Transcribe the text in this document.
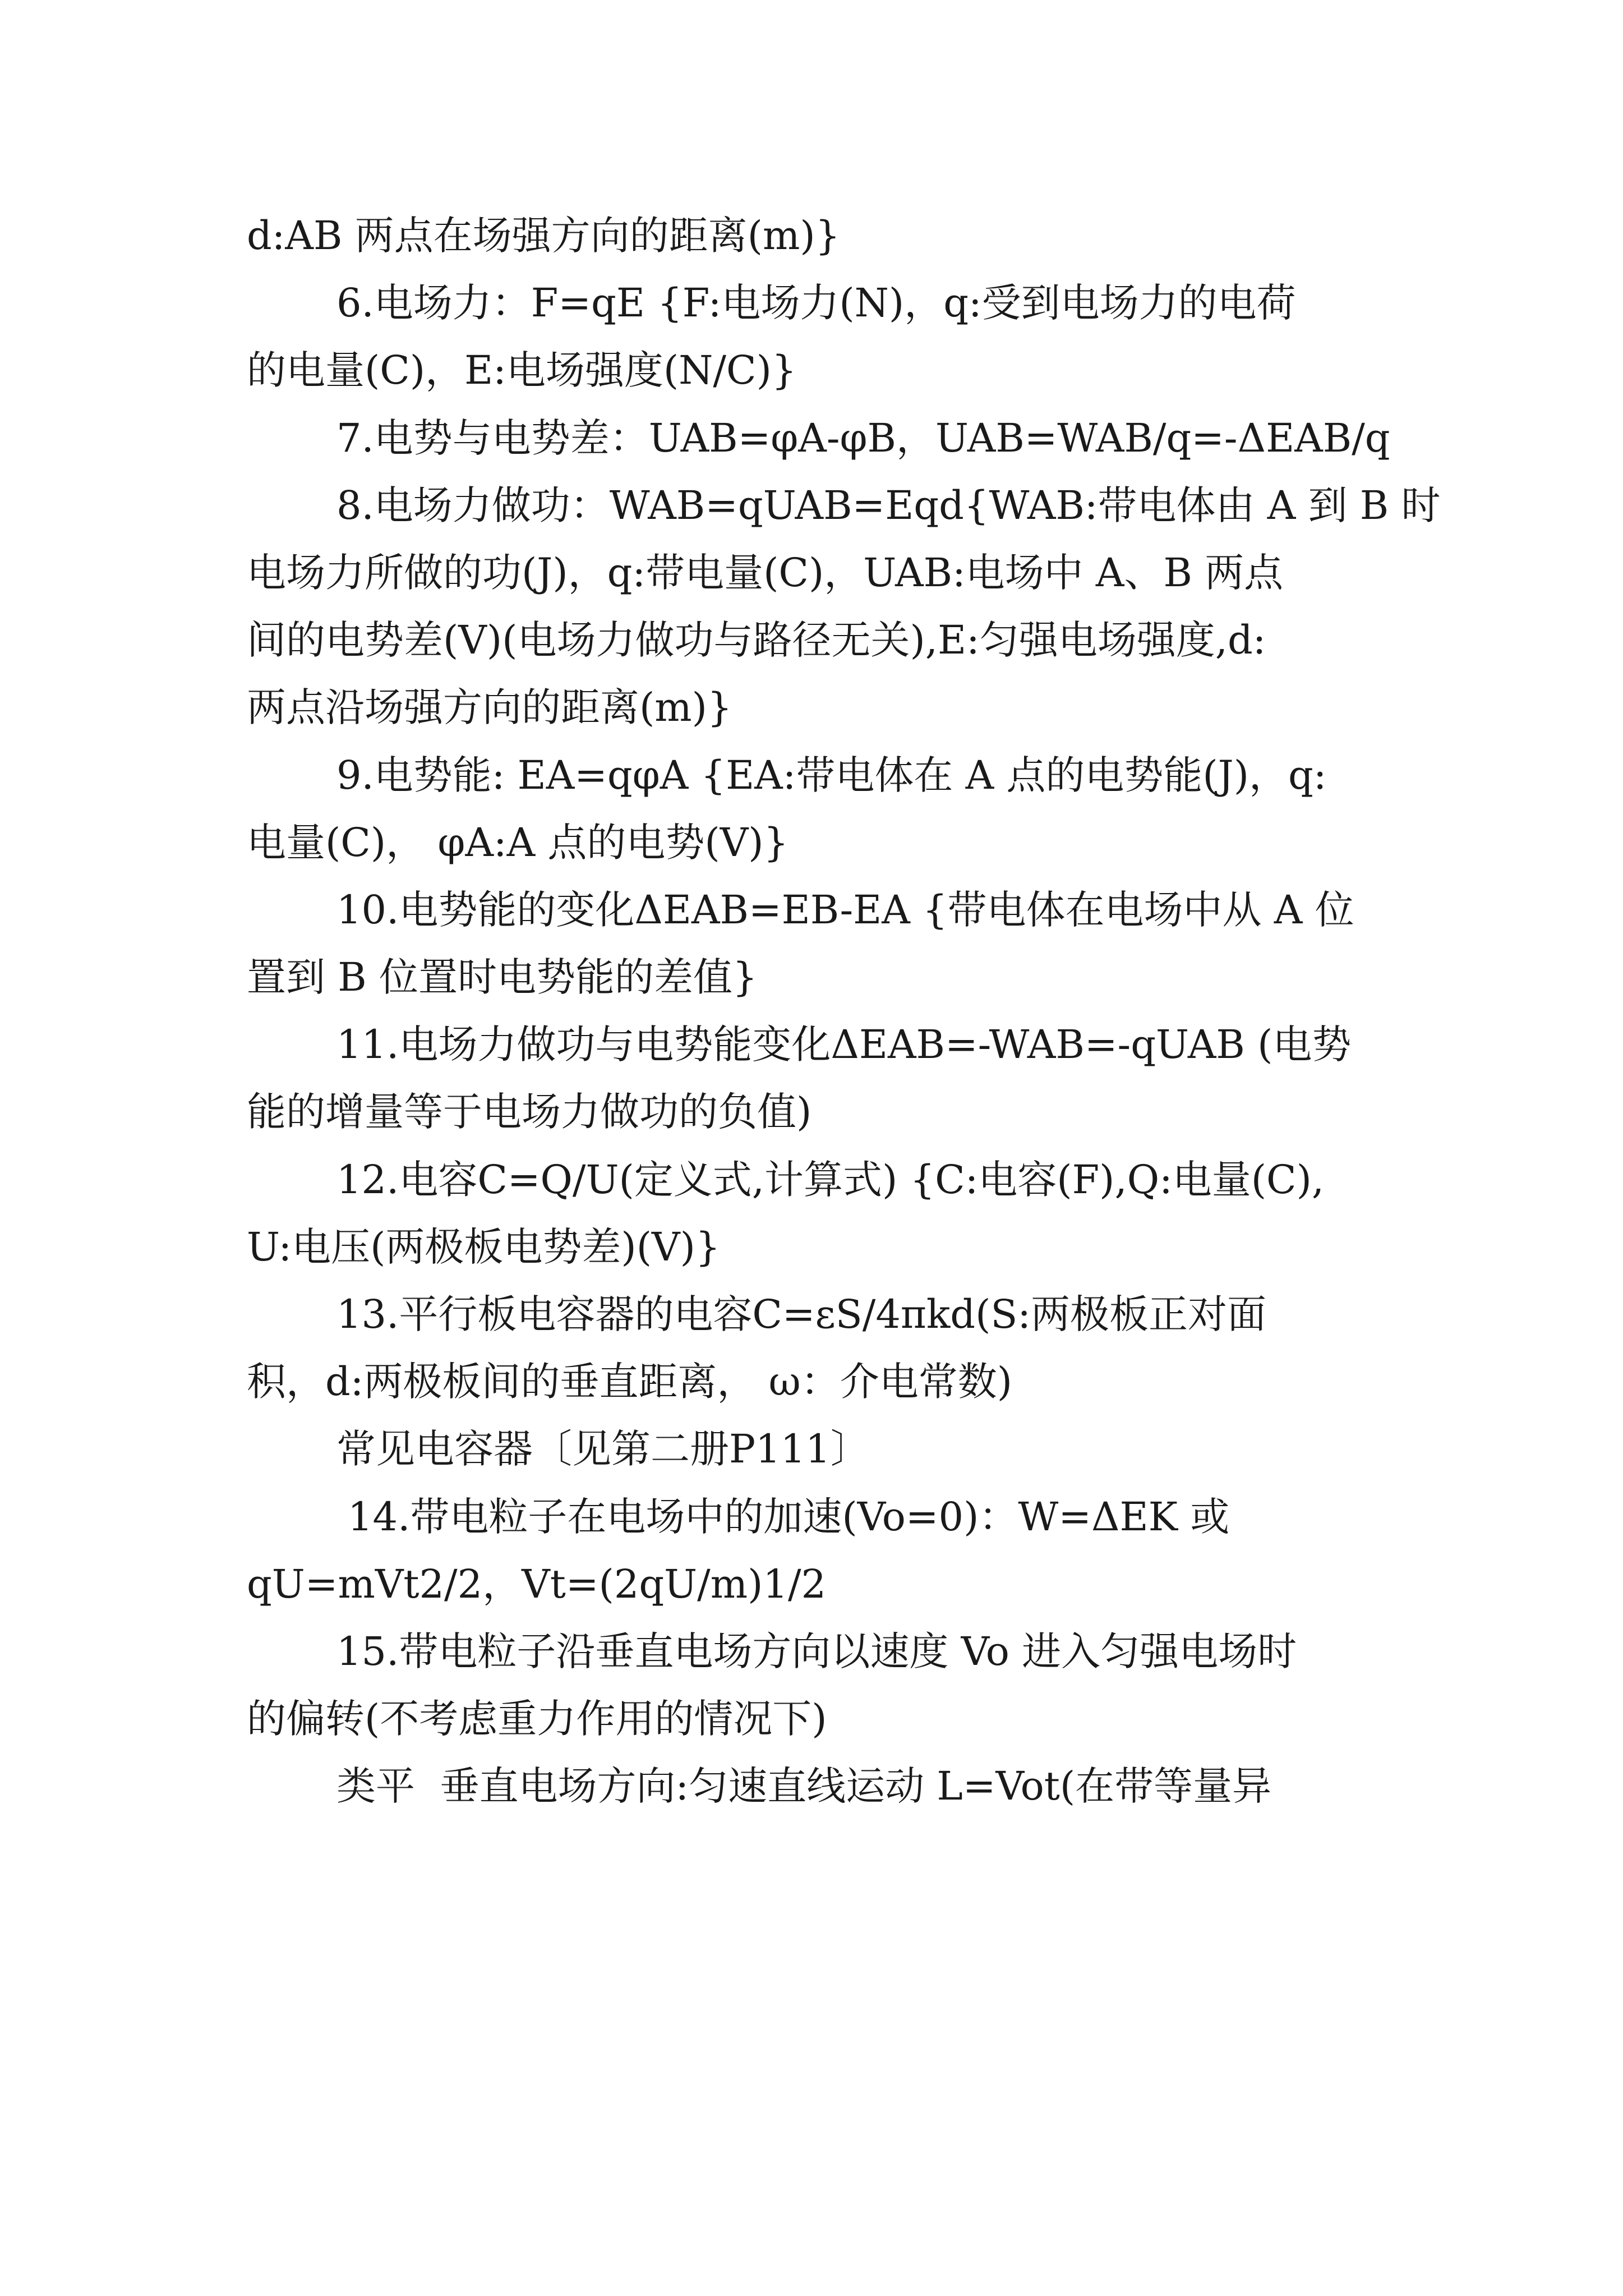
d:AB 两点在场强方向的距离(m)}
6.电场力：F=qE {F:电场力(N)，q:受到电场力的电荷
的电量(C)，E:电场强度(N/C)}
7.电势与电势差：UAB=φA-φB，UAB=WAB/q=-ΔEAB/q
8.电场力做功：WAB=qUAB=Eqd{WAB:带电体由 A 到 B 时
电场力所做的功(J)，q:带电量(C)，UAB:电场中 A、B 两点
间的电势差(V)(电场力做功与路径无关),E:匀强电场强度,d:
两点沿场强方向的距离(m)}
9.电势能: EA=qφA {EA:带电体在 A 点的电势能(J)，q:
电量(C)， φA:A 点的电势(V)}
10.电势能的变化ΔEAB=EB-EA {带电体在电场中从 A 位
置到 B 位置时电势能的差值}
11.电场力做功与电势能变化ΔEAB=-WAB=-qUAB (电势
能的增量等于电场力做功的负值)
12.电容C=Q/U(定义式,计算式) {C:电容(F),Q:电量(C),
U:电压(两极板电势差)(V)}
13.平行板电容器的电容C=εS/4πkd(S:两极板正对面
积，d:两极板间的垂直距离， ω：介电常数)
常见电容器〔见第二册P111〕
14.带电粒子在电场中的加速(Vo=0)：W=ΔEK 或
qU=mVt2/2，Vt=(2qU/m)1/2
15.带电粒子沿垂直电场方向以速度 Vo 进入匀强电场时
的偏转(不考虑重力作用的情况下)
类平  垂直电场方向:匀速直线运动 L=Vot(在带等量异
